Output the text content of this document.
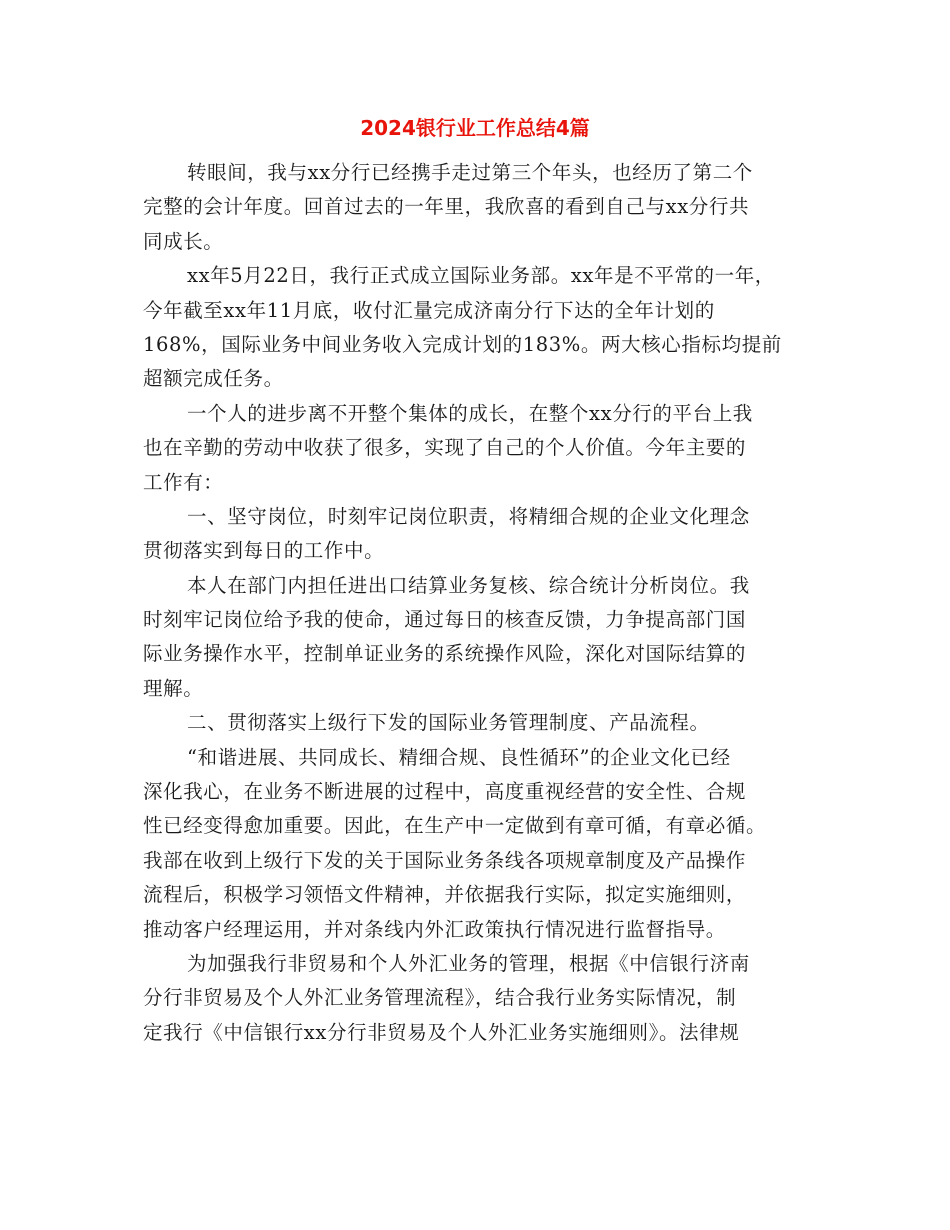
2024银行业工作总结4篇

转眼间，我与xx分行已经携手走过第三个年头，也经历了第二个

完整的会计年度。回首过去的一年里，我欣喜的看到自己与xx分行共

同成长。

xx年5月22日，我行正式成立国际业务部。xx年是不平常的一年，

今年截至xx年11月底，收付汇量完成济南分行下达的全年计划的

168%，国际业务中间业务收入完成计划的183%。两大核心指标均提前

超额完成任务。

一个人的进步离不开整个集体的成长，在整个xx分行的平台上我

也在辛勤的劳动中收获了很多，实现了自己的个人价值。今年主要的

工作有：

一、坚守岗位，时刻牢记岗位职责，将精细合规的企业文化理念

贯彻落实到每日的工作中。

本人在部门内担任进出口结算业务复核、综合统计分析岗位。我

时刻牢记岗位给予我的使命，通过每日的核查反馈，力争提高部门国

际业务操作水平，控制单证业务的系统操作风险，深化对国际结算的

理解。

二、贯彻落实上级行下发的国际业务管理制度、产品流程。

“和谐进展、共同成长、精细合规、良性循环”的企业文化已经

深化我心，在业务不断进展的过程中，高度重视经营的安全性、合规

性已经变得愈加重要。因此，在生产中一定做到有章可循，有章必循。

我部在收到上级行下发的关于国际业务条线各项规章制度及产品操作

流程后，积极学习领悟文件精神，并依据我行实际，拟定实施细则，

推动客户经理运用，并对条线内外汇政策执行情况进行监督指导。

为加强我行非贸易和个人外汇业务的管理，根据《中信银行济南

分行非贸易及个人外汇业务管理流程》，结合我行业务实际情况，制

定我行《中信银行xx分行非贸易及个人外汇业务实施细则》。法律规
